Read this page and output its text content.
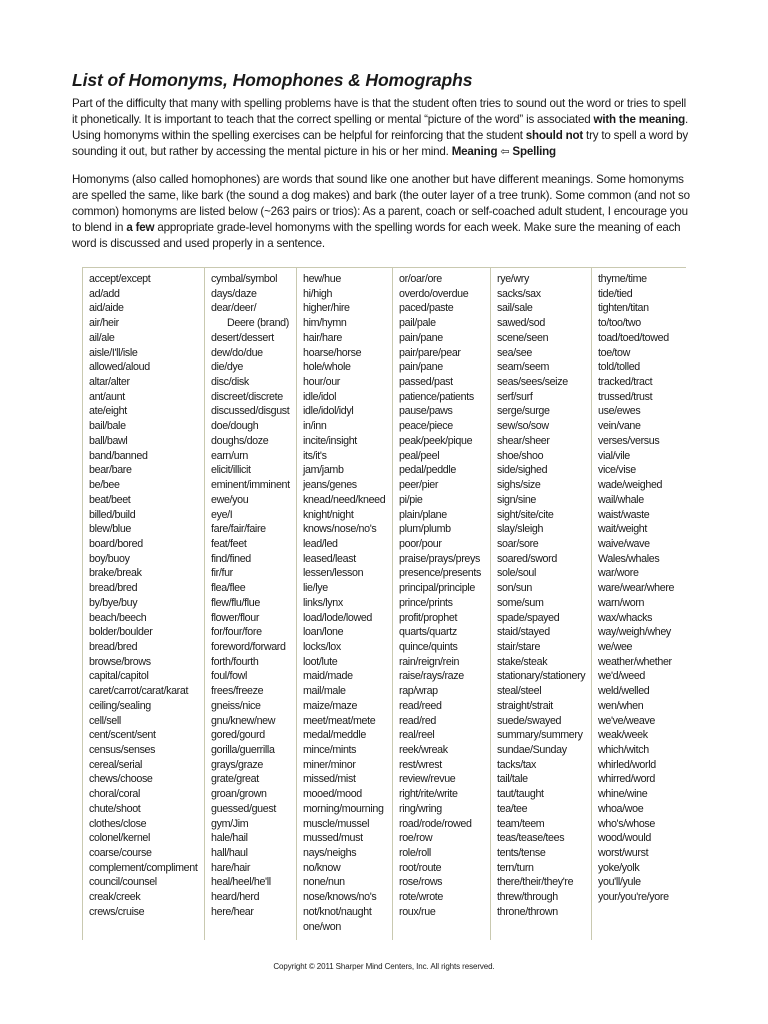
List of Homonyms, Homophones & Homographs

Part of the difficulty that many with spelling problems have is that the student often tries to sound out the word or tries to spell it phonetically. It is important to teach that the correct spelling or mental “picture of the word” is associated with the meaning. Using homonyms within the spelling exercises can be helpful for reinforcing that the student should not try to spell a word by sounding it out, but rather by accessing the mental picture in his or her mind. Meaning ⇦ Spelling

Homonyms (also called homophones) are words that sound like one another but have different meanings. Some homonyms are spelled the same, like bark (the sound a dog makes) and bark (the outer layer of a tree trunk). Some common (and not so common) homonyms are listed below (~263 pairs or trios): As a parent, coach or self-coached adult student, I encourage you to blend in a few appropriate grade-level homonyms with the spelling words for each week. Make sure the meaning of each word is discussed and used properly in a sentence.

accept/except
ad/add
aid/aide
air/heir
ail/ale
aisle/I'll/isle
allowed/aloud
altar/alter
ant/aunt
ate/eight
bail/bale
ball/bawl
band/banned
bear/bare
be/bee
beat/beet
billed/build
blew/blue
board/bored
boy/buoy
brake/break
bread/bred
by/bye/buy
beach/beech
bolder/boulder
bread/bred
browse/brows
capital/capitol
caret/carrot/carat/karat
ceiling/sealing
cell/sell
cent/scent/sent
census/senses
cereal/serial
chews/choose
choral/coral
chute/shoot
clothes/close
colonel/kernel
coarse/course
complement/compliment
council/counsel
creak/creek
crews/cruise
cymbal/symbol
days/daze
dear/deer/
Deere (brand)
desert/dessert
dew/do/due
die/dye
disc/disk
discreet/discrete
discussed/disgust
doe/dough
doughs/doze
earn/urn
elicit/illicit
eminent/imminent
ewe/you
eye/I
fare/fair/faire
feat/feet
find/fined
fir/fur
flea/flee
flew/flu/flue
flower/flour
for/four/fore
foreword/forward
forth/fourth
foul/fowl
frees/freeze
gneiss/nice
gnu/knew/new
gored/gourd
gorilla/guerrilla
grays/graze
grate/great
groan/grown
guessed/guest
gym/Jim
hale/hail
hall/haul
hare/hair
heal/heel/he'll
heard/herd
here/hear
hew/hue
hi/high
higher/hire
him/hymn
hair/hare
hoarse/horse
hole/whole
hour/our
idle/idol
idle/idol/idyl
in/inn
incite/insight
its/it's
jam/jamb
jeans/genes
knead/need/kneed
knight/night
knows/nose/no's
lead/led
leased/least
lessen/lesson
lie/lye
links/lynx
load/lode/lowed
loan/lone
locks/lox
loot/lute
maid/made
mail/male
maize/maze
meet/meat/mete
medal/meddle
mince/mints
miner/minor
missed/mist
mooed/mood
morning/mourning
muscle/mussel
mussed/must
nays/neighs
no/know
none/nun
nose/knows/no's
not/knot/naught
one/won
or/oar/ore
overdo/overdue
paced/paste
pail/pale
pain/pane
pair/pare/pear
pain/pane
passed/past
patience/patients
pause/paws
peace/piece
peak/peek/pique
peal/peel
pedal/peddle
peer/pier
pi/pie
plain/plane
plum/plumb
poor/pour
praise/prays/preys
presence/presents
principal/principle
prince/prints
profit/prophet
quarts/quartz
quince/quints
rain/reign/rein
raise/rays/raze
rap/wrap
read/reed
read/red
real/reel
reek/wreak
rest/wrest
review/revue
right/rite/write
ring/wring
road/rode/rowed
roe/row
role/roll
root/route
rose/rows
rote/wrote
roux/rue
rye/wry
sacks/sax
sail/sale
sawed/sod
scene/seen
sea/see
seam/seem
seas/sees/seize
serf/surf
serge/surge
sew/so/sow
shear/sheer
shoe/shoo
side/sighed
sighs/size
sign/sine
sight/site/cite
slay/sleigh
soar/sore
soared/sword
sole/soul
son/sun
some/sum
spade/spayed
staid/stayed
stair/stare
stake/steak
stationary/stationery
steal/steel
straight/strait
suede/swayed
summary/summery
sundae/Sunday
tacks/tax
tail/tale
taut/taught
tea/tee
team/teem
teas/tease/tees
tents/tense
tern/turn
there/their/they're
threw/through
throne/thrown
thyme/time
tide/tied
tighten/titan
to/too/two
toad/toed/towed
toe/tow
told/tolled
tracked/tract
trussed/trust
use/ewes
vein/vane
verses/versus
vial/vile
vice/vise
wade/weighed
wail/whale
waist/waste
wait/weight
waive/wave
Wales/whales
war/wore
ware/wear/where
warn/worn
wax/whacks
way/weigh/whey
we/wee
weather/whether
we'd/weed
weld/welled
wen/when
we've/weave
weak/week
which/witch
whirled/world
whirred/word
whine/wine
whoa/woe
who's/whose
wood/would
worst/wurst
yoke/yolk
you'll/yule
your/you're/yore
Copyright © 2011 Sharper Mind Centers, Inc. All rights reserved.
